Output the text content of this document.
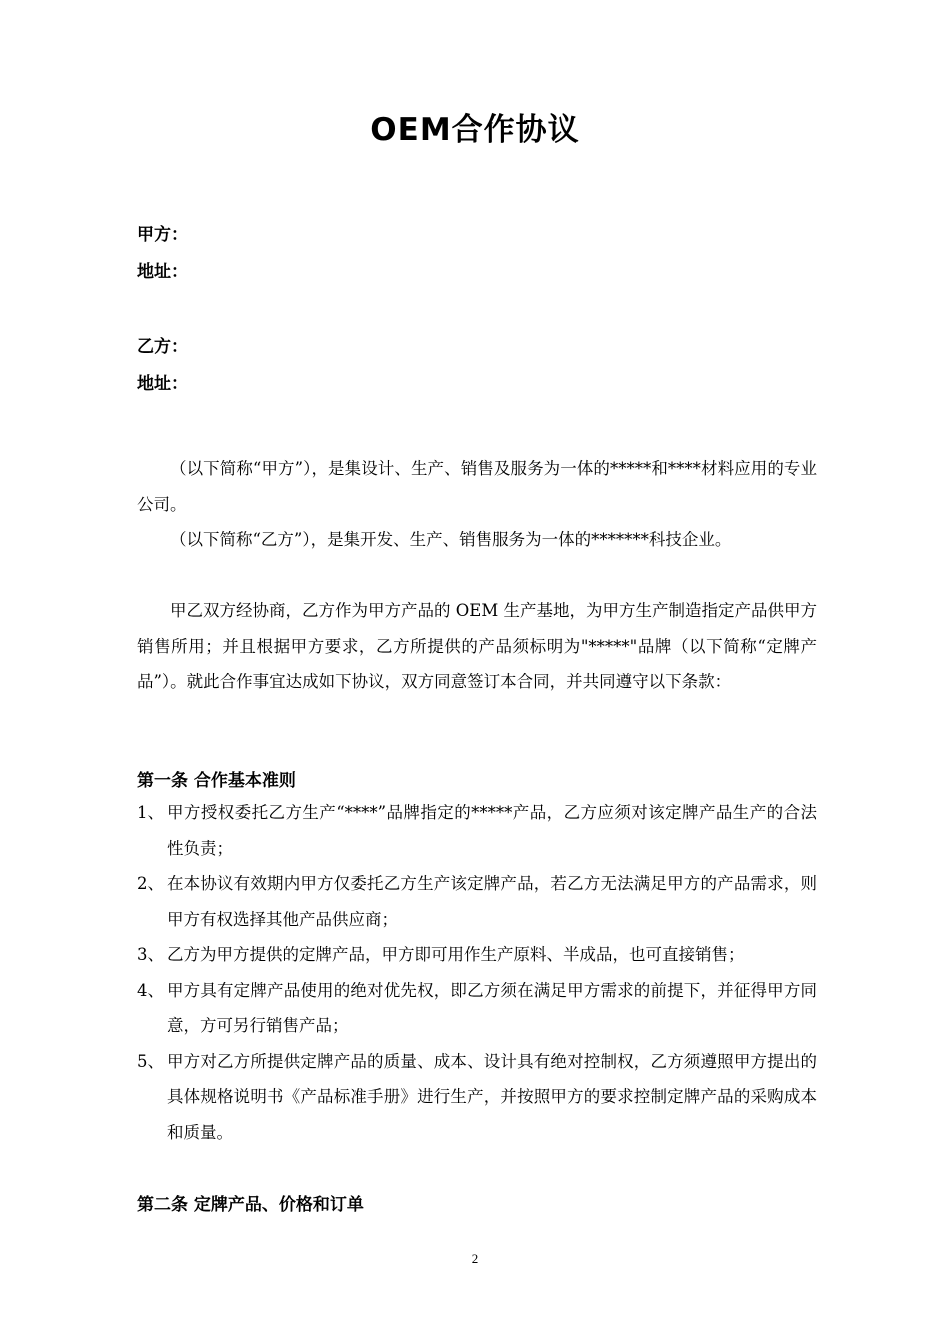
OEM合作协议
甲方：
地址：
乙方：
地址：
（以下简称“甲方”），是集设计、生产、销售及服务为一体的*****和****材料应用的专业公司。
（以下简称“乙方”），是集开发、生产、销售服务为一体的*******科技企业。
甲乙双方经协商，乙方作为甲方产品的 OEM 生产基地，为甲方生产制造指定产品供甲方销售所用；并且根据甲方要求，乙方所提供的产品须标明为"*****"品牌（以下简称“定牌产品”）。就此合作事宜达成如下协议，双方同意签订本合同，并共同遵守以下条款：
第一条 合作基本准则
1、 甲方授权委托乙方生产“****”品牌指定的*****产品，乙方应须对该定牌产品生产的合法性负责；
2、 在本协议有效期内甲方仅委托乙方生产该定牌产品，若乙方无法满足甲方的产品需求，则甲方有权选择其他产品供应商；
3、 乙方为甲方提供的定牌产品，甲方即可用作生产原料、半成品，也可直接销售；
4、 甲方具有定牌产品使用的绝对优先权，即乙方须在满足甲方需求的前提下，并征得甲方同意，方可另行销售产品；
5、 甲方对乙方所提供定牌产品的质量、成本、设计具有绝对控制权，乙方须遵照甲方提出的具体规格说明书《产品标准手册》进行生产，并按照甲方的要求控制定牌产品的采购成本和质量。
第二条 定牌产品、价格和订单
2
